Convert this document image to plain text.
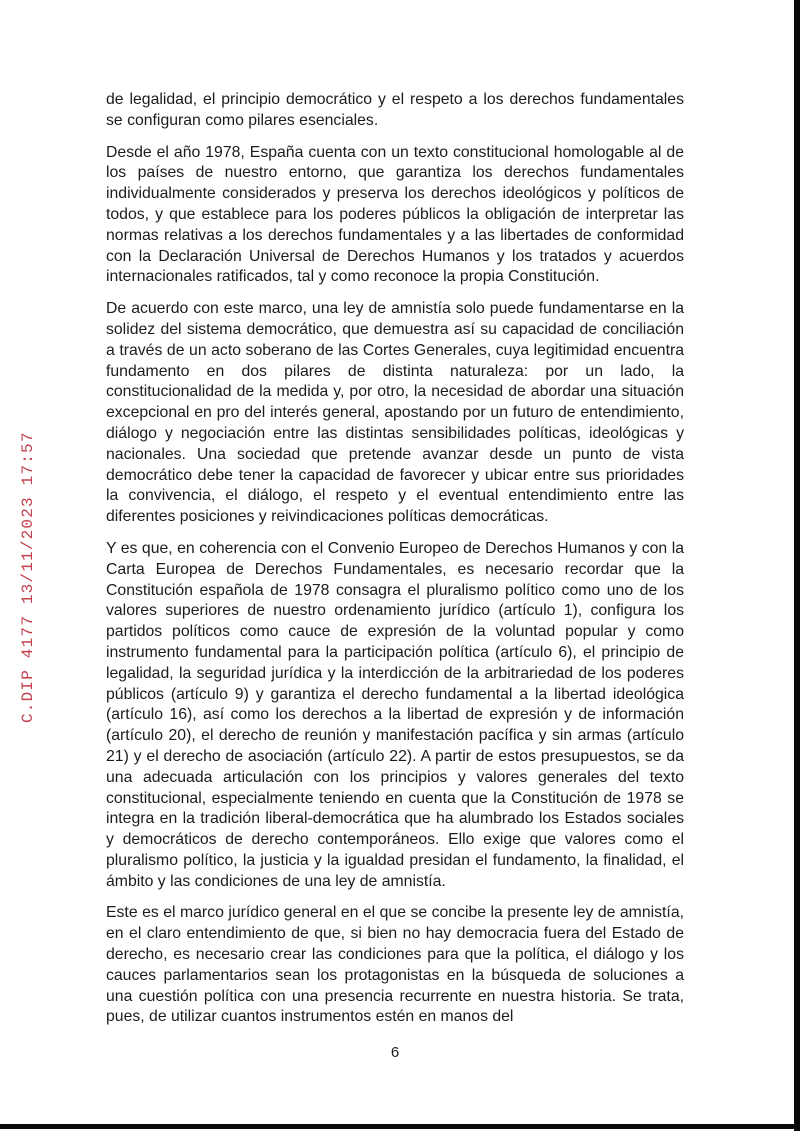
C.DIP 4177 13/11/2023 17:57

de legalidad, el principio democrático y el respeto a los derechos fundamentales se configuran como pilares esenciales.

Desde el año 1978, España cuenta con un texto constitucional homologable al de los países de nuestro entorno, que garantiza los derechos fundamentales individualmente considerados y preserva los derechos ideológicos y políticos de todos, y que establece para los poderes públicos la obligación de interpretar las normas relativas a los derechos fundamentales y a las libertades de conformidad con la Declaración Universal de Derechos Humanos y los tratados y acuerdos internacionales ratificados, tal y como reconoce la propia Constitución.

De acuerdo con este marco, una ley de amnistía solo puede fundamentarse en la solidez del sistema democrático, que demuestra así su capacidad de conciliación a través de un acto soberano de las Cortes Generales, cuya legitimidad encuentra fundamento en dos pilares de distinta naturaleza: por un lado, la constitucionalidad de la medida y, por otro, la necesidad de abordar una situación excepcional en pro del interés general, apostando por un futuro de entendimiento, diálogo y negociación entre las distintas sensibilidades políticas, ideológicas y nacionales. Una sociedad que pretende avanzar desde un punto de vista democrático debe tener la capacidad de favorecer y ubicar entre sus prioridades la convivencia, el diálogo, el respeto y el eventual entendimiento entre las diferentes posiciones y reivindicaciones políticas democráticas.

Y es que, en coherencia con el Convenio Europeo de Derechos Humanos y con la Carta Europea de Derechos Fundamentales, es necesario recordar que la Constitución española de 1978 consagra el pluralismo político como uno de los valores superiores de nuestro ordenamiento jurídico (artículo 1), configura los partidos políticos como cauce de expresión de la voluntad popular y como instrumento fundamental para la participación política (artículo 6), el principio de legalidad, la seguridad jurídica y la interdicción de la arbitrariedad de los poderes públicos (artículo 9) y garantiza el derecho fundamental a la libertad ideológica (artículo 16), así como los derechos a la libertad de expresión y de información (artículo 20), el derecho de reunión y manifestación pacífica y sin armas (artículo 21) y el derecho de asociación (artículo 22). A partir de estos presupuestos, se da una adecuada articulación con los principios y valores generales del texto constitucional, especialmente teniendo en cuenta que la Constitución de 1978 se integra en la tradición liberal-democrática que ha alumbrado los Estados sociales y democráticos de derecho contemporáneos. Ello exige que valores como el pluralismo político, la justicia y la igualdad presidan el fundamento, la finalidad, el ámbito y las condiciones de una ley de amnistía.

Este es el marco jurídico general en el que se concibe la presente ley de amnistía, en el claro entendimiento de que, si bien no hay democracia fuera del Estado de derecho, es necesario crear las condiciones para que la política, el diálogo y los cauces parlamentarios sean los protagonistas en la búsqueda de soluciones a una cuestión política con una presencia recurrente en nuestra historia. Se trata, pues, de utilizar cuantos instrumentos estén en manos del

6
